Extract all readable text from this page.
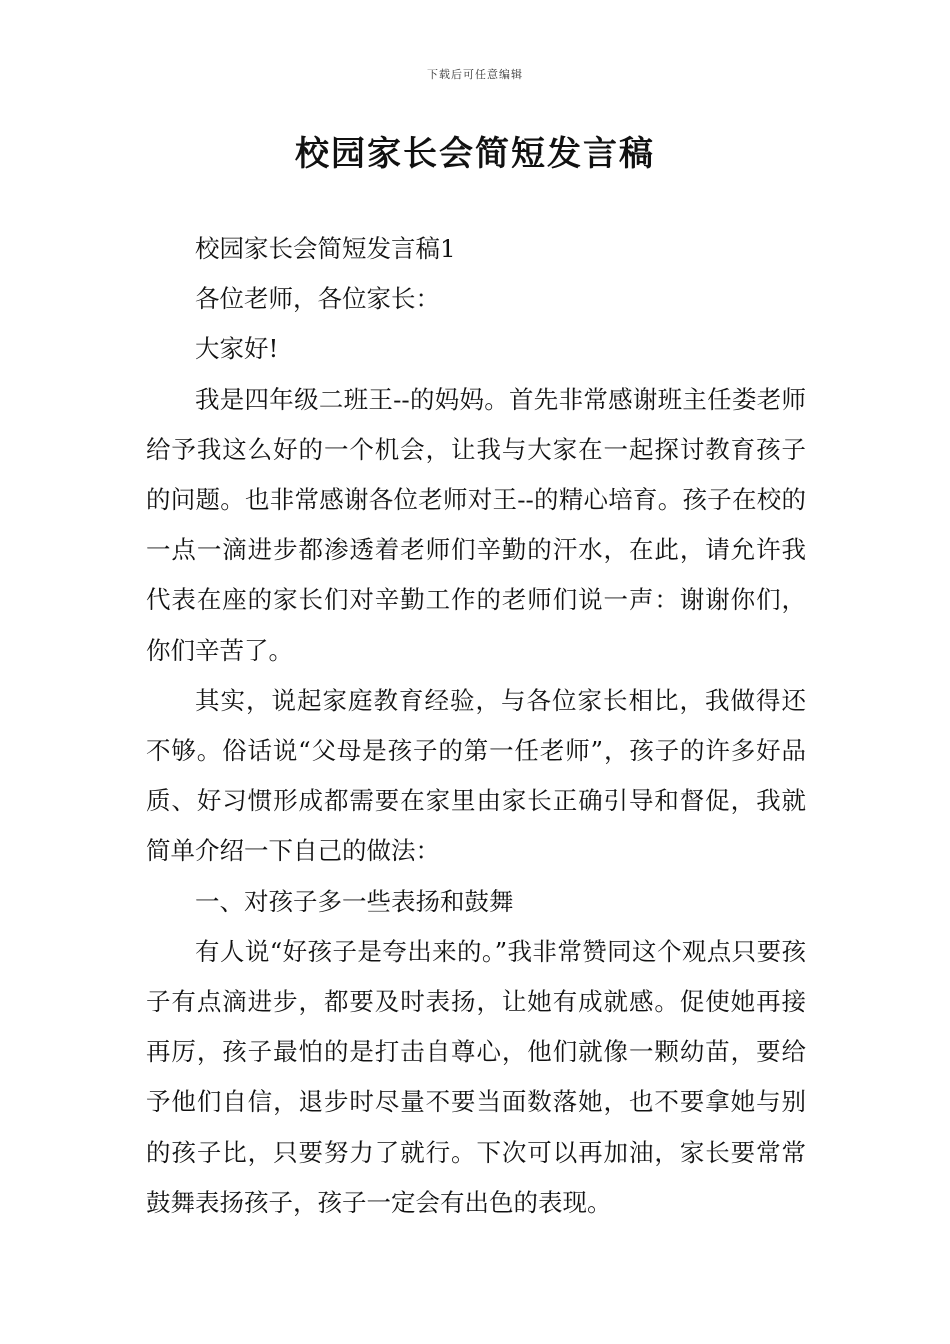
下载后可任意编辑
校园家长会简短发言稿

校园家长会简短发言稿1

各位老师，各位家长：

大家好!

我是四年级二班王--的妈妈。首先非常感谢班主任娄老师给予我这么好的一个机会，让我与大家在一起探讨教育孩子的问题。也非常感谢各位老师对王--的精心培育。孩子在校的一点一滴进步都渗透着老师们辛勤的汗水，在此，请允许我代表在座的家长们对辛勤工作的老师们说一声：谢谢你们，你们辛苦了。

其实，说起家庭教育经验，与各位家长相比，我做得还不够。俗话说“父母是孩子的第一任老师”，孩子的许多好品质、好习惯形成都需要在家里由家长正确引导和督促，我就简单介绍一下自己的做法：

一、对孩子多一些表扬和鼓舞

有人说“好孩子是夸出来的。”我非常赞同这个观点只要孩子有点滴进步，都要及时表扬，让她有成就感。促使她再接再厉，孩子最怕的是打击自尊心，他们就像一颗幼苗，要给予他们自信，退步时尽量不要当面数落她，也不要拿她与别的孩子比，只要努力了就行。下次可以再加油，家长要常常鼓舞表扬孩子，孩子一定会有出色的表现。
